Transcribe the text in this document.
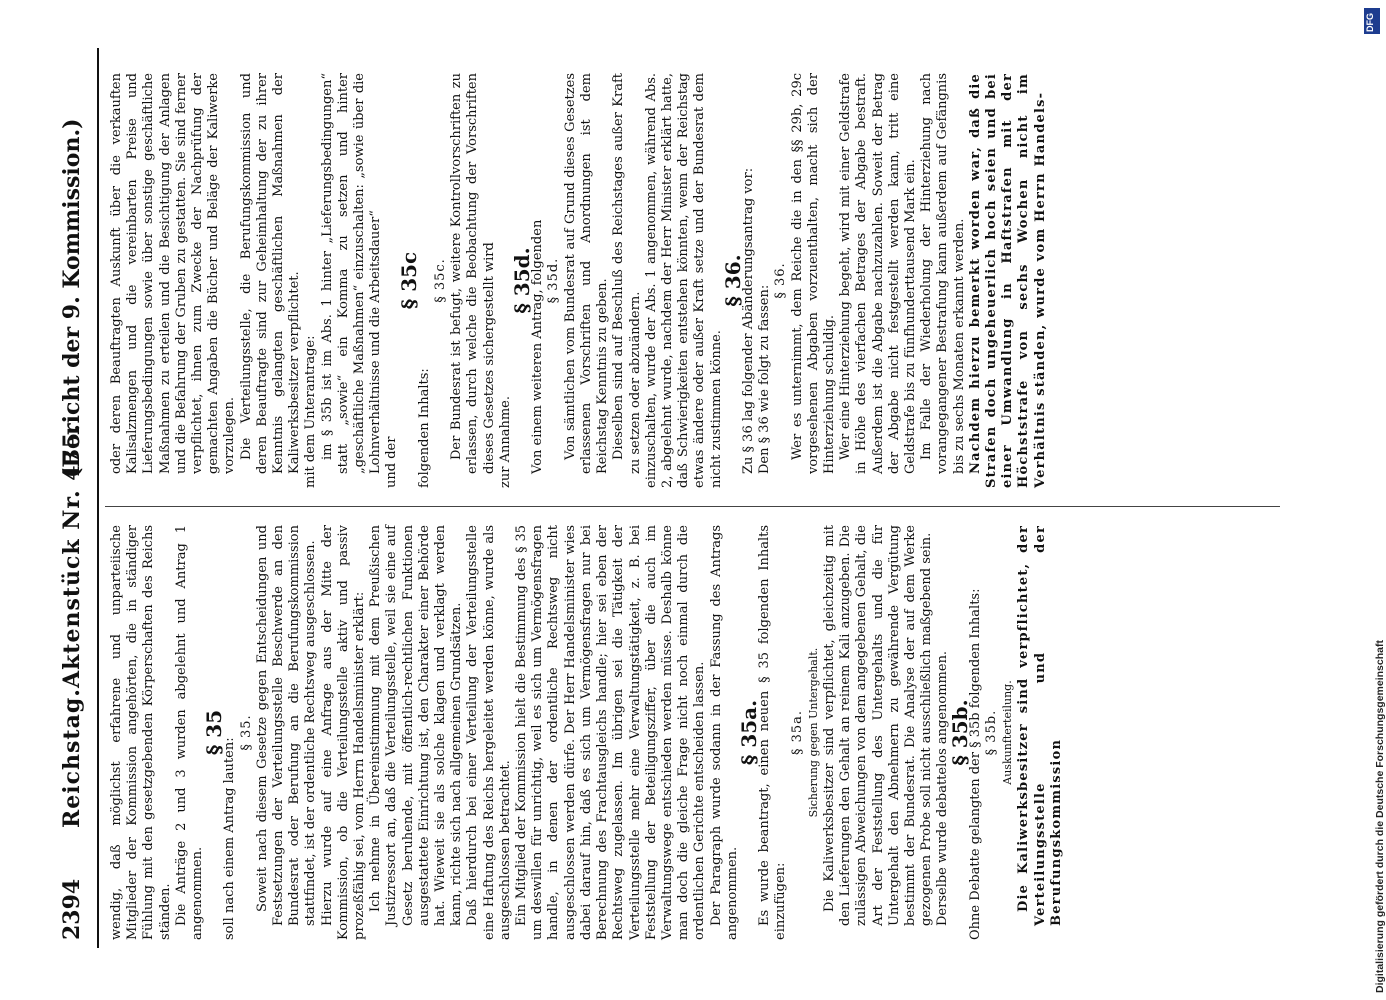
2394
Reichstag.
Aktenstück Nr. 475.
(Bericht der 9. Kommission.)

wendig, daß möglichst erfahrene und unparteiische Mitglieder der Kommission angehörten, die in ständiger Fühlung mit den gesetzgebenden Körperschaften des Reichs ständen. Die Anträge 2 und 3 wurden abgelehnt und Antrag 1 angenommen.

§ 35

soll nach einem Antrag lauten:

§ 35. Soweit nach diesem Gesetze gegen Entscheidungen und Festsetzungen der Verteilungsstelle Beschwerde an den Bundesrat oder Berufung an die Berufungskommission stattfindet, ist der ordentliche Rechtsweg ausgeschlossen. Hierzu wurde auf eine Anfrage aus der Mitte der Kommission, ob die Verteilungsstelle aktiv und passiv prozeßfähig sei, vom Herrn Handelsminister erklärt: Ich nehme in Übereinstimmung mit dem Preußischen Justizressort an, daß die Verteilungsstelle, weil sie eine auf Gesetz beruhende, mit öffentlich-rechtlichen Funktionen ausgestattete Einrichtung ist, den Charakter einer Behörde hat. Wieweit sie als solche klagen und verklagt werden kann, richte sich nach allgemeinen Grundsätzen. Daß hierdurch bei einer Verteilung der Verteilungsstelle eine Haftung des Reichs hergeleitet werden könne, wurde als ausgeschlossen betrachtet. Ein Mitglied der Kommission hielt die Bestimmung des § 35 um deswillen für unrichtig, weil es sich um Vermögensfragen handle, in denen der ordentliche Rechtsweg nicht ausgeschlossen werden dürfe. Der Herr Handelsminister wies dabei darauf hin, daß es sich um Vermögensfragen nur bei Berechnung des Frachtausgleichs handle; hier sei eben der Rechtsweg zugelassen. Im übrigen sei die Tätigkeit der Verteilungsstelle mehr eine Verwaltungstätigkeit, z. B. bei Feststellung der Beteiligungsziffer, über die auch im Verwaltungswege entschieden werden müsse. Deshalb könne man doch die gleiche Frage nicht noch einmal durch die ordentlichen Gerichte entscheiden lassen. Der Paragraph wurde sodann in der Fassung des Antrags angenommen.

§ 35a.

Es wurde beantragt, einen neuen § 35 folgenden Inhalts einzufügen:

§ 35a. Sicherung gegen Untergehalt. Die Kaliwerksbesitzer sind verpflichtet, gleichzeitig mit den Lieferungen den Gehalt an reinem Kali anzugeben. Die zulässigen Abweichungen von dem angegebenen Gehalt, die Art der Feststellung des Untergehalts und die für Untergehalt den Abnehmern zu gewährende Vergütung bestimmt der Bundesrat. Die Analyse der auf dem Werke gezogenen Probe soll nicht ausschließlich maßgebend sein. Derselbe wurde debattelos angenommen.

§ 35b.

Ohne Debatte gelangten der § 35b folgenden Inhalts: § 35b. Auskunfterteilung. Die Kaliwerksbesitzer sind verpflichtet, der Verteilungsstelle und der Berufungskommission

oder deren Beauftragten Auskunft über die verkauften Kalisalzmengen und die vereinbarten Preise und Lieferungsbedingungen sowie über sonstige geschäftliche Maßnahmen zu erteilen und die Besichtigung der Anlagen und die Befahrung der Gruben zu gestatten. Sie sind ferner verpflichtet, ihnen zum Zwecke der Nachprüfung der gemachten Angaben die Bücher und Beläge der Kaliwerke vorzulegen. Die Verteilungsstelle, die Berufungskommission und deren Beauftragte sind zur Geheimhaltung der zu ihrer Kenntnis gelangten geschäftlichen Maßnahmen der Kaliwerksbesitzer verpflichtet. mit dem Unterantrage: im § 35b ist im Abs. 1 hinter „Lieferungsbedingungen“ statt „sowie“ ein Komma zu setzen und hinter „geschäftliche Maßnahmen“ einzuschalten: „sowie über die Lohnverhältnisse und die Arbeitsdauer“ und der

§ 35c

folgenden Inhalts:

§ 35c. Der Bundesrat ist befugt, weitere Kontrollvorschriften zu erlassen, durch welche die Beobachtung der Vorschriften dieses Gesetzes sichergestellt wird zur Annahme.

§ 35d.

Von einem weiteren Antrag, folgenden § 35d. Von sämtlichen vom Bundesrat auf Grund dieses Gesetzes erlassenen Vorschriften und Anordnungen ist dem Reichstag Kenntnis zu geben. Dieselben sind auf Beschluß des Reichstages außer Kraft zu setzen oder abzuändern. einzuschalten, wurde der Abs. 1 angenommen, während Abs. 2, abgelehnt wurde, nachdem der Herr Minister erklärt hatte, daß Schwierigkeiten entstehen könnten, wenn der Reichstag etwas ändere oder außer Kraft setze und der Bundesrat dem nicht zustimmen könne.

§ 36.

Zu § 36 lag folgender Abänderungsantrag vor: Den § 36 wie folgt zu fassen:

§ 36. Wer es unternimmt, dem Reiche die in den §§ 29b, 29c vorgesehenen Abgaben vorzuenthalten, macht sich der Hinterziehung schuldig. Wer eine Hinterziehung begeht, wird mit einer Geldstrafe in Höhe des vierfachen Betrages der Abgabe bestraft. Außerdem ist die Abgabe nachzuzahlen. Soweit der Betrag der Abgabe nicht festgestellt werden kann, tritt eine Geldstrafe bis zu fünfhunderttausend Mark ein. Im Falle der Wiederholung der Hinterziehung nach vorangegangener Bestrafung kann außerdem auf Gefängnis bis zu sechs Monaten erkannt werden. Nachdem hierzu bemerkt worden war, daß die Strafen doch ungeheuerlich hoch seien und bei einer Umwandlung in Haftstrafen mit der Höchststrafe von sechs Wochen nicht im Verhältnis ständen, wurde vom Herrn Handels-

Digitalisierung gefördert durch die Deutsche Forschungsgemeinschaft
DFG
